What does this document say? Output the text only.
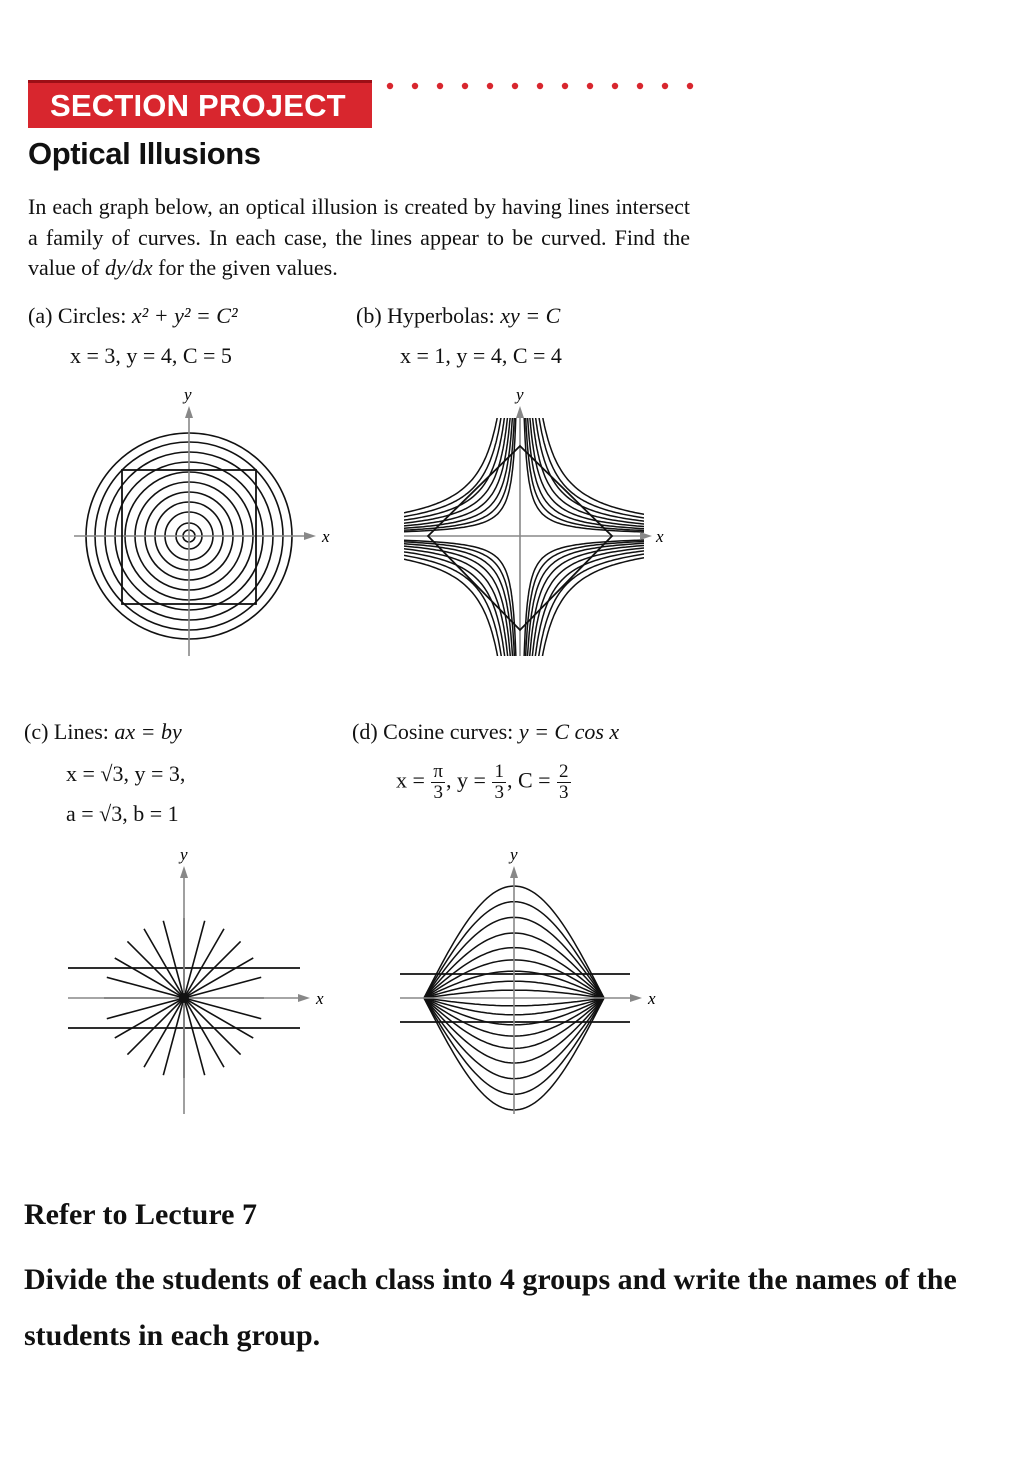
SECTION PROJECT
Optical Illusions
In each graph below, an optical illusion is created by having lines intersect a family of curves. In each case, the lines appear to be curved. Find the value of dy/dx for the given values.
(a) Circles: x² + y² = C²
x = 3, y = 4, C = 5
(b) Hyperbolas: xy = C
x = 1, y = 4, C = 4
x
y
x
y
(c) Lines: ax = by
x = √3, y = 3,
a = √3, b = 1
(d) Cosine curves: y = C cos x
$x = \frac{\pi}{3}$ , $y = \frac{1}{3}$ , $C = \frac{2}{3}$
x
y
x
y
Refer to Lecture 7
Divide the students of each class into 4 groups and write the names of the students in each group.
